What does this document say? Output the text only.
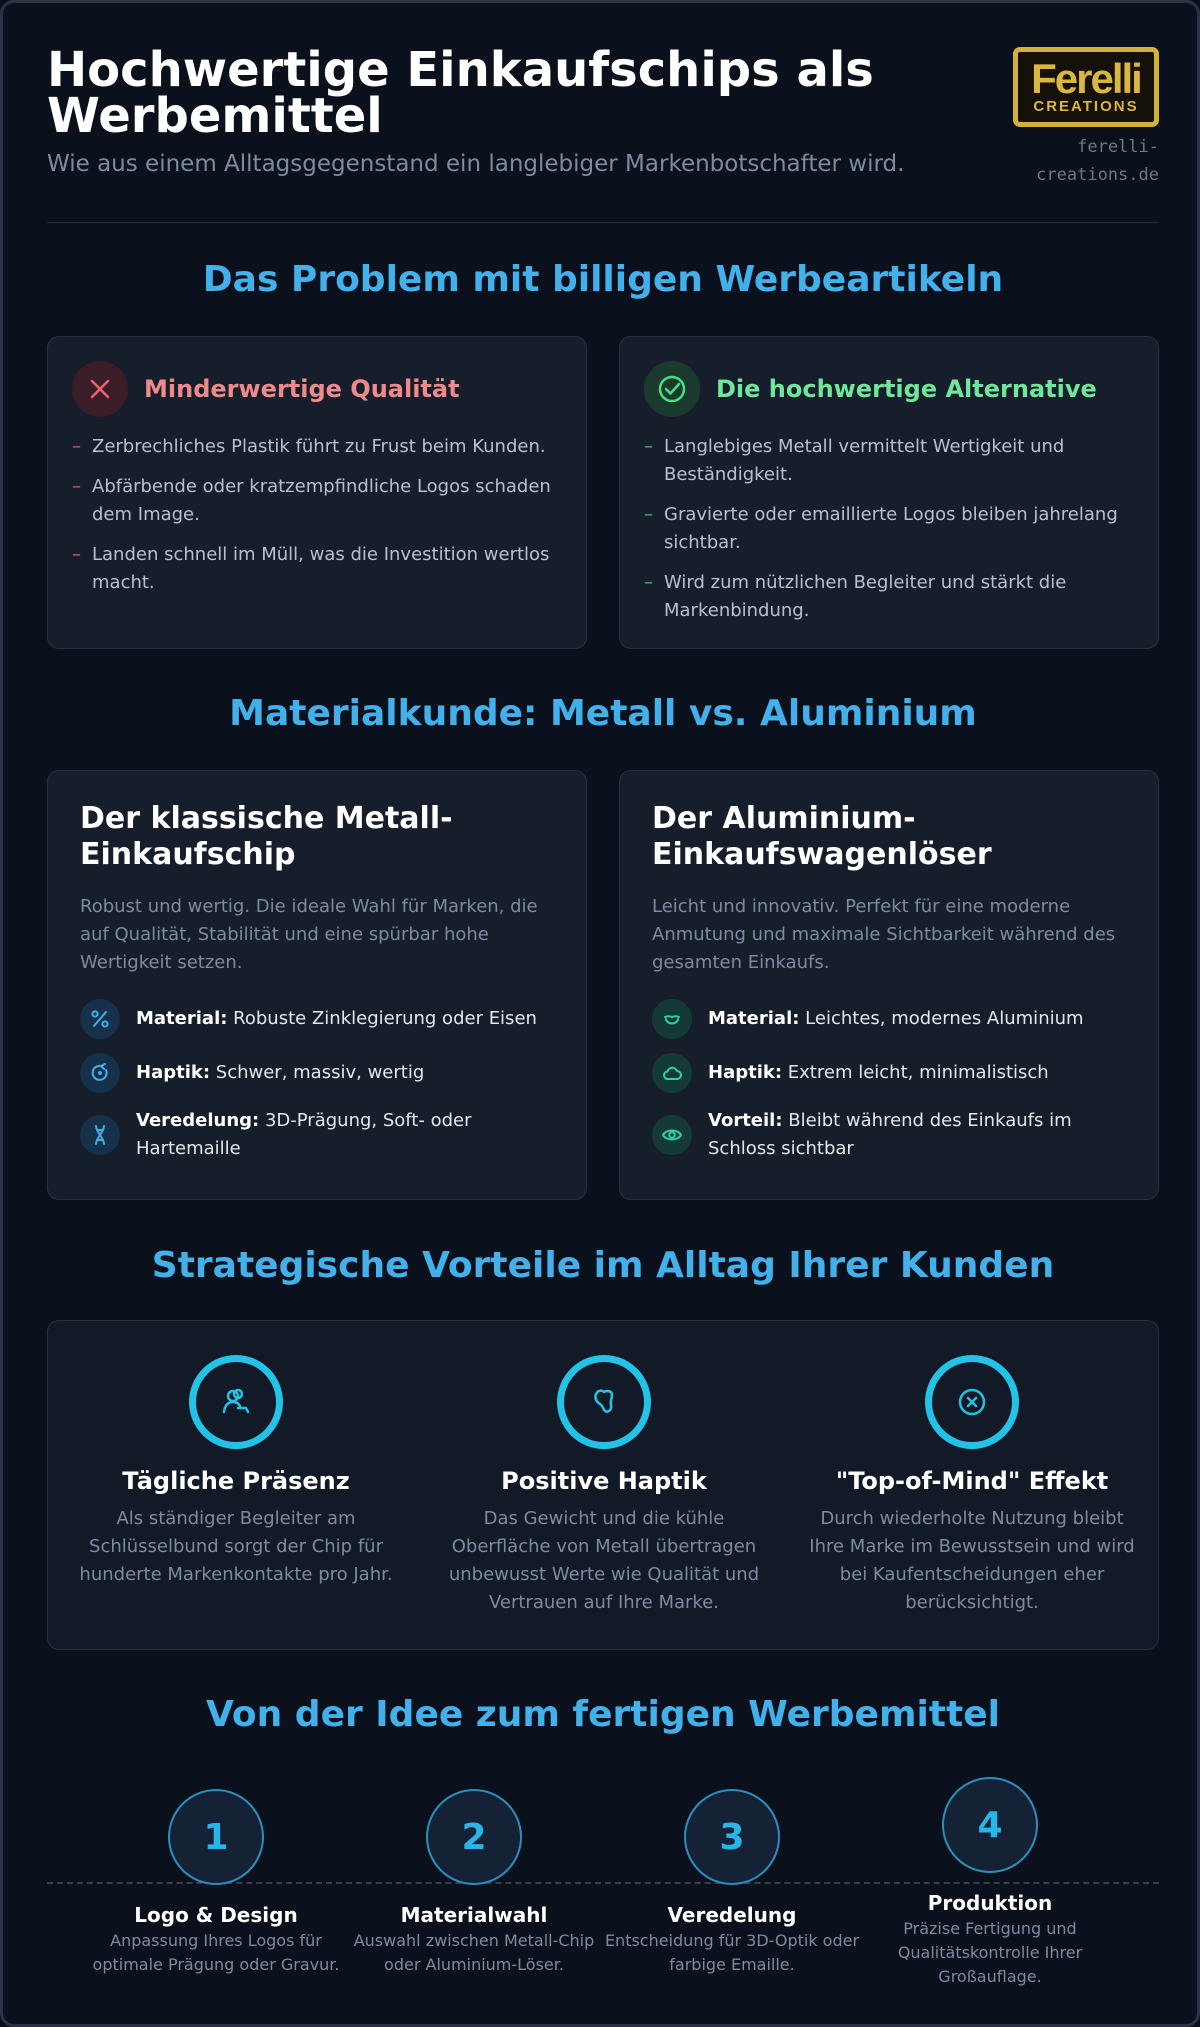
Hochwertige Einkaufschips als Werbemittel
Wie aus einem Alltagsgegenstand ein langlebiger Markenbotschafter wird.
Ferelli
CREATIONS
ferelli-creations.de
Das Problem mit billigen Werbeartikeln
Minderwertige Qualität
– Zerbrechliches Plastik führt zu Frust beim Kunden.
– Abfärbende oder kratzempfindliche Logos schaden dem Image.
– Landen schnell im Müll, was die Investition wertlos macht.
Die hochwertige Alternative
– Langlebiges Metall vermittelt Wertigkeit und Beständigkeit.
– Gravierte oder emaillierte Logos bleiben jahrelang sichtbar.
– Wird zum nützlichen Begleiter und stärkt die Markenbindung.
Materialkunde: Metall vs. Aluminium
Der klassische Metall-Einkaufschip
Robust und wertig. Die ideale Wahl für Marken, die auf Qualität, Stabilität und eine spürbar hohe Wertigkeit setzen.
Material: Robuste Zinklegierung oder Eisen
Haptik: Schwer, massiv, wertig
Veredelung: 3D-Prägung, Soft- oder Hartemaille
Der Aluminium-Einkaufswagenlöser
Leicht und innovativ. Perfekt für eine moderne Anmutung und maximale Sichtbarkeit während des gesamten Einkaufs.
Material: Leichtes, modernes Aluminium
Haptik: Extrem leicht, minimalistisch
Vorteil: Bleibt während des Einkaufs im Schloss sichtbar
Strategische Vorteile im Alltag Ihrer Kunden
Tägliche Präsenz
Als ständiger Begleiter am Schlüsselbund sorgt der Chip für hunderte Markenkontakte pro Jahr.
Positive Haptik
Das Gewicht und die kühle Oberfläche von Metall übertragen unbewusst Werte wie Qualität und Vertrauen auf Ihre Marke.
"Top-of-Mind" Effekt
Durch wiederholte Nutzung bleibt Ihre Marke im Bewusstsein und wird bei Kaufentscheidungen eher berücksichtigt.
Von der Idee zum fertigen Werbemittel
1
Logo & Design
Anpassung Ihres Logos für optimale Prägung oder Gravur.
2
Materialwahl
Auswahl zwischen Metall-Chip oder Aluminium-Löser.
3
Veredelung
Entscheidung für 3D-Optik oder farbige Emaille.
4
Produktion
Präzise Fertigung und Qualitätskontrolle Ihrer Großauflage.
